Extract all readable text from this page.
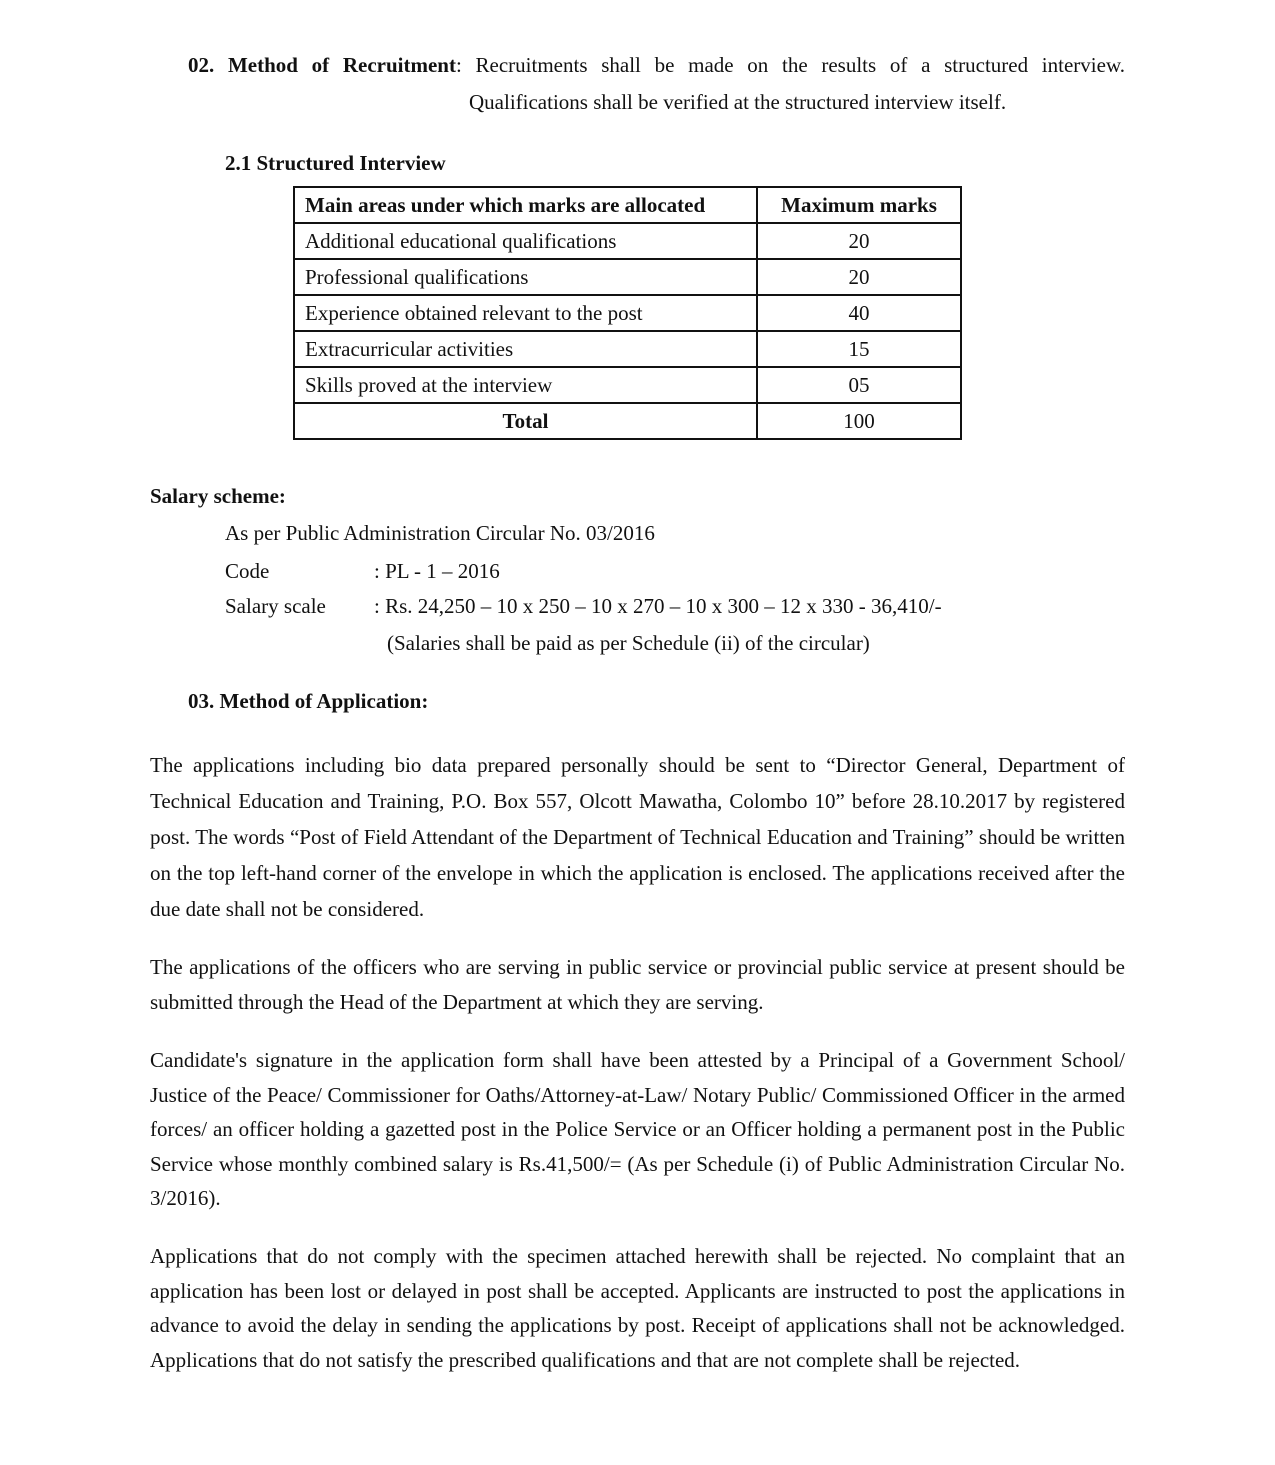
02. Method of Recruitment: Recruitments shall be made on the results of a structured interview.
Qualifications shall be verified at the structured interview itself.
2.1 Structured Interview
Main areas under which marks are allocated	Maximum marks
Additional educational qualifications	20
Professional qualifications	20
Experience obtained relevant to the post	40
Extracurricular activities	15
Skills proved at the interview	05
Total	100
Salary scheme:
As per Public Administration Circular No. 03/2016
Code	: PL - 1 – 2016
Salary scale : Rs. 24,250 – 10 x 250 – 10 x 270 – 10 x 300 – 12 x 330 - 36,410/-
(Salaries shall be paid as per Schedule (ii) of the circular)
03. Method of Application:
The applications including bio data prepared personally should be sent to “Director General, Department of Technical Education and Training, P.O. Box 557, Olcott Mawatha, Colombo 10” before 28.10.2017 by registered post. The words “Post of Field Attendant of the Department of Technical Education and Training” should be written on the top left-hand corner of the envelope in which the application is enclosed. The applications received after the due date shall not be considered.
The applications of the officers who are serving in public service or provincial public service at present should be submitted through the Head of the Department at which they are serving.
Candidate's signature in the application form shall have been attested by a Principal of a Government School/ Justice of the Peace/ Commissioner for Oaths/Attorney-at-Law/ Notary Public/ Commissioned Officer in the armed forces/ an officer holding a gazetted post in the Police Service or an Officer holding a permanent post in the Public Service whose monthly combined salary is Rs.41,500/= (As per Schedule (i) of Public Administration Circular No. 3/2016).
Applications that do not comply with the specimen attached herewith shall be rejected. No complaint that an application has been lost or delayed in post shall be accepted. Applicants are instructed to post the applications in advance to avoid the delay in sending the applications by post. Receipt of applications shall not be acknowledged. Applications that do not satisfy the prescribed qualifications and that are not complete shall be rejected.
